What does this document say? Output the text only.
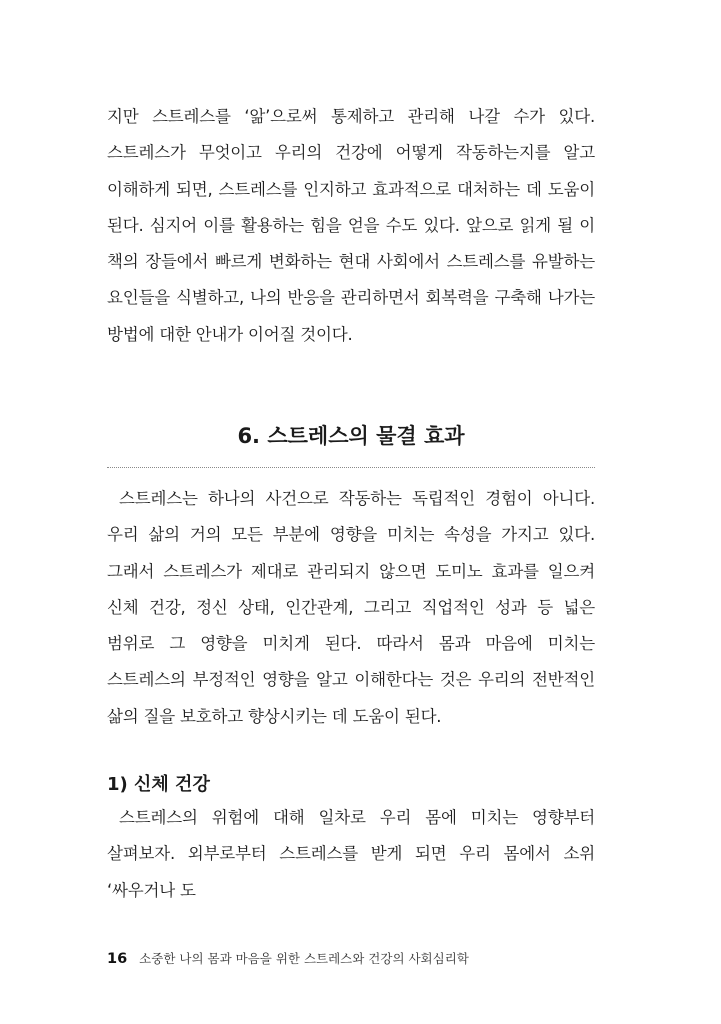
지만 스트레스를 ‘앎’으로써 통제하고 관리해 나갈 수가 있다. 스트레스가 무엇이고 우리의 건강에 어떻게 작동하는지를 알고 이해하게 되면, 스트레스를 인지하고 효과적으로 대처하는 데 도움이 된다. 심지어 이를 활용하는 힘을 얻을 수도 있다. 앞으로 읽게 될 이 책의 장들에서 빠르게 변화하는 현대 사회에서 스트레스를 유발하는 요인들을 식별하고, 나의 반응을 관리하면서 회복력을 구축해 나가는 방법에 대한 안내가 이어질 것이다.

6. 스트레스의 물결 효과

스트레스는 하나의 사건으로 작동하는 독립적인 경험이 아니다. 우리 삶의 거의 모든 부분에 영향을 미치는 속성을 가지고 있다. 그래서 스트레스가 제대로 관리되지 않으면 도미노 효과를 일으켜 신체 건강, 정신 상태, 인간관계, 그리고 직업적인 성과 등 넓은 범위로 그 영향을 미치게 된다. 따라서 몸과 마음에 미치는 스트레스의 부정적인 영향을 알고 이해한다는 것은 우리의 전반적인 삶의 질을 보호하고 향상시키는 데 도움이 된다.

1) 신체 건강

스트레스의 위험에 대해 일차로 우리 몸에 미치는 영향부터 살펴보자. 외부로부터 스트레스를 받게 되면 우리 몸에서 소위 ‘싸우거나 도

16 소중한 나의 몸과 마음을 위한 스트레스와 건강의 사회심리학
